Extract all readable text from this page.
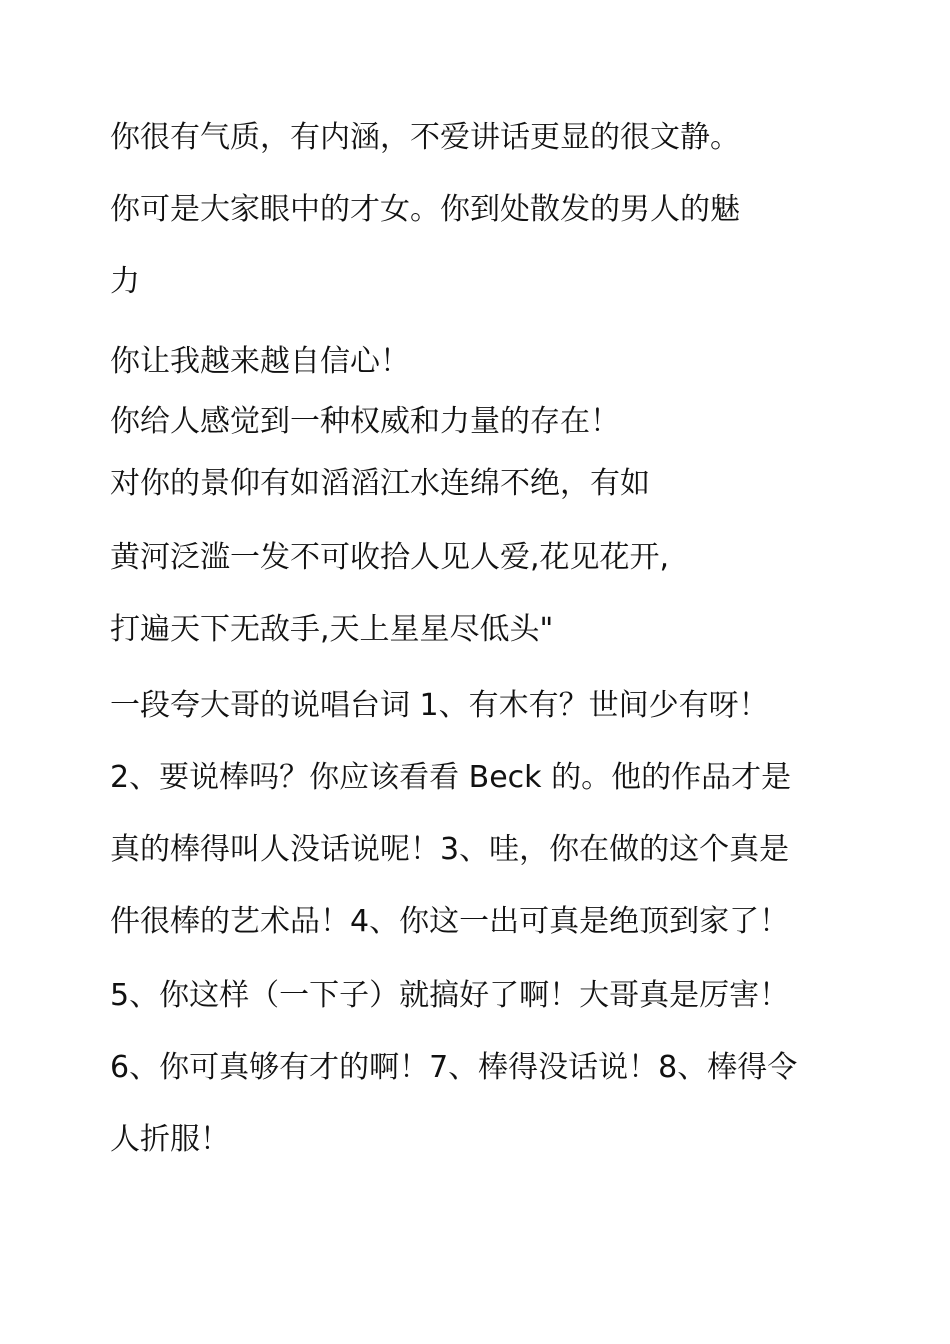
你很有气质，有内涵，不爱讲话更显的很文静。

你可是大家眼中的才女。你到处散发的男人的魅

力

你让我越来越自信心！

你给人感觉到一种权威和力量的存在！

对你的景仰有如滔滔江水连绵不绝，有如

黄河泛滥一发不可收拾人见人爱,花见花开,

打遍天下无敌手,天上星星尽低头"

一段夸大哥的说唱台词 1、有木有？世间少有呀！

2、要说棒吗？你应该看看 Beck 的。他的作品才是

真的棒得叫人没话说呢！3、哇，你在做的这个真是

件很棒的艺术品！4、你这一出可真是绝顶到家了！

5、你这样（一下子）就搞好了啊！大哥真是厉害！

6、你可真够有才的啊！7、棒得没话说！8、棒得令

人折服！
